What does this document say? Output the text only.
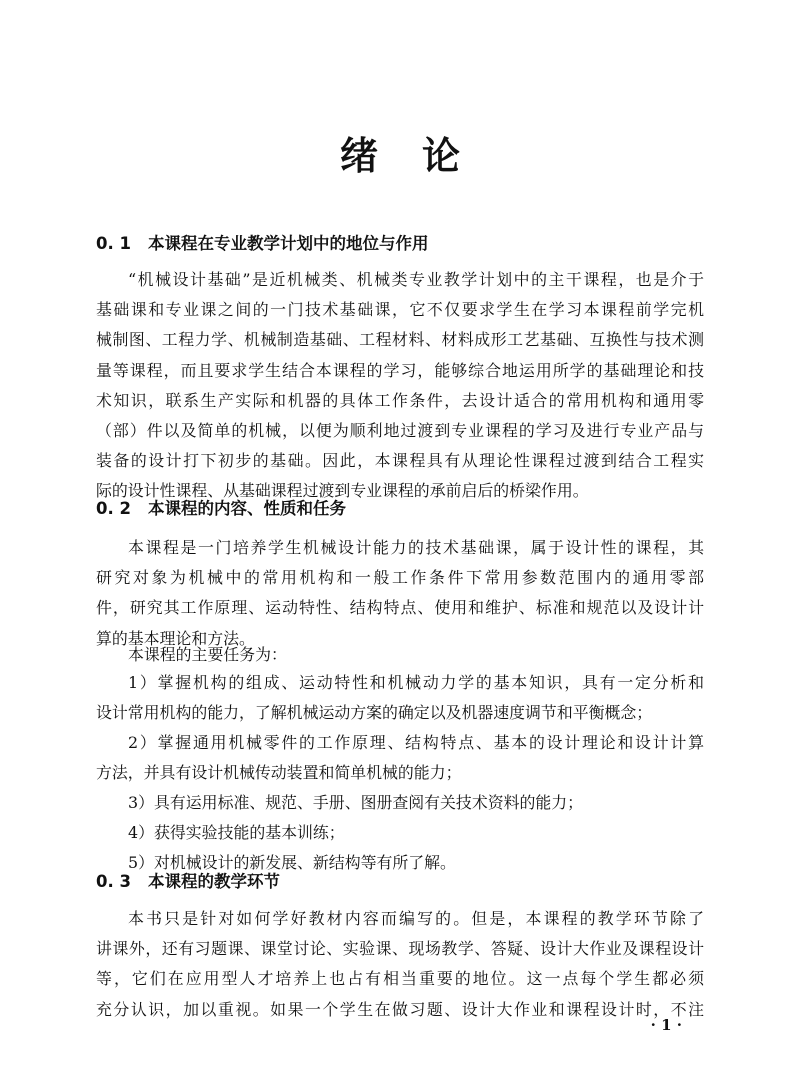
绪论
0. 1 本课程在专业教学计划中的地位与作用
“机械设计基础”是近机械类、机械类专业教学计划中的主干课程，也是介于
基础课和专业课之间的一门技术基础课，它不仅要求学生在学习本课程前学完机
械制图、工程力学、机械制造基础、工程材料、材料成形工艺基础、互换性与技术测
量等课程，而且要求学生结合本课程的学习，能够综合地运用所学的基础理论和技
术知识，联系生产实际和机器的具体工作条件，去设计适合的常用机构和通用零
（部）件以及简单的机械，以便为顺利地过渡到专业课程的学习及进行专业产品与
装备的设计打下初步的基础。因此，本课程具有从理论性课程过渡到结合工程实
际的设计性课程、从基础课程过渡到专业课程的承前启后的桥梁作用。
0. 2 本课程的内容、性质和任务
本课程是一门培养学生机械设计能力的技术基础课，属于设计性的课程，其
研究对象为机械中的常用机构和一般工作条件下常用参数范围内的通用零部
件，研究其工作原理、运动特性、结构特点、使用和维护、标准和规范以及设计计
算的基本理论和方法。
本课程的主要任务为：
1）掌握机构的组成、运动特性和机械动力学的基本知识，具有一定分析和
设计常用机构的能力，了解机械运动方案的确定以及机器速度调节和平衡概念；
2）掌握通用机械零件的工作原理、结构特点、基本的设计理论和设计计算
方法，并具有设计机械传动装置和简单机械的能力；
3）具有运用标准、规范、手册、图册查阅有关技术资料的能力；
4）获得实验技能的基本训练；
5）对机械设计的新发展、新结构等有所了解。
0. 3 本课程的教学环节
本书只是针对如何学好教材内容而编写的。但是，本课程的教学环节除了
讲课外，还有习题课、课堂讨论、实验课、现场教学、答疑、设计大作业及课程设计
等，它们在应用型人才培养上也占有相当重要的地位。这一点每个学生都必须
充分认识，加以重视。如果一个学生在做习题、设计大作业和课程设计时，不注
· 1 ·
